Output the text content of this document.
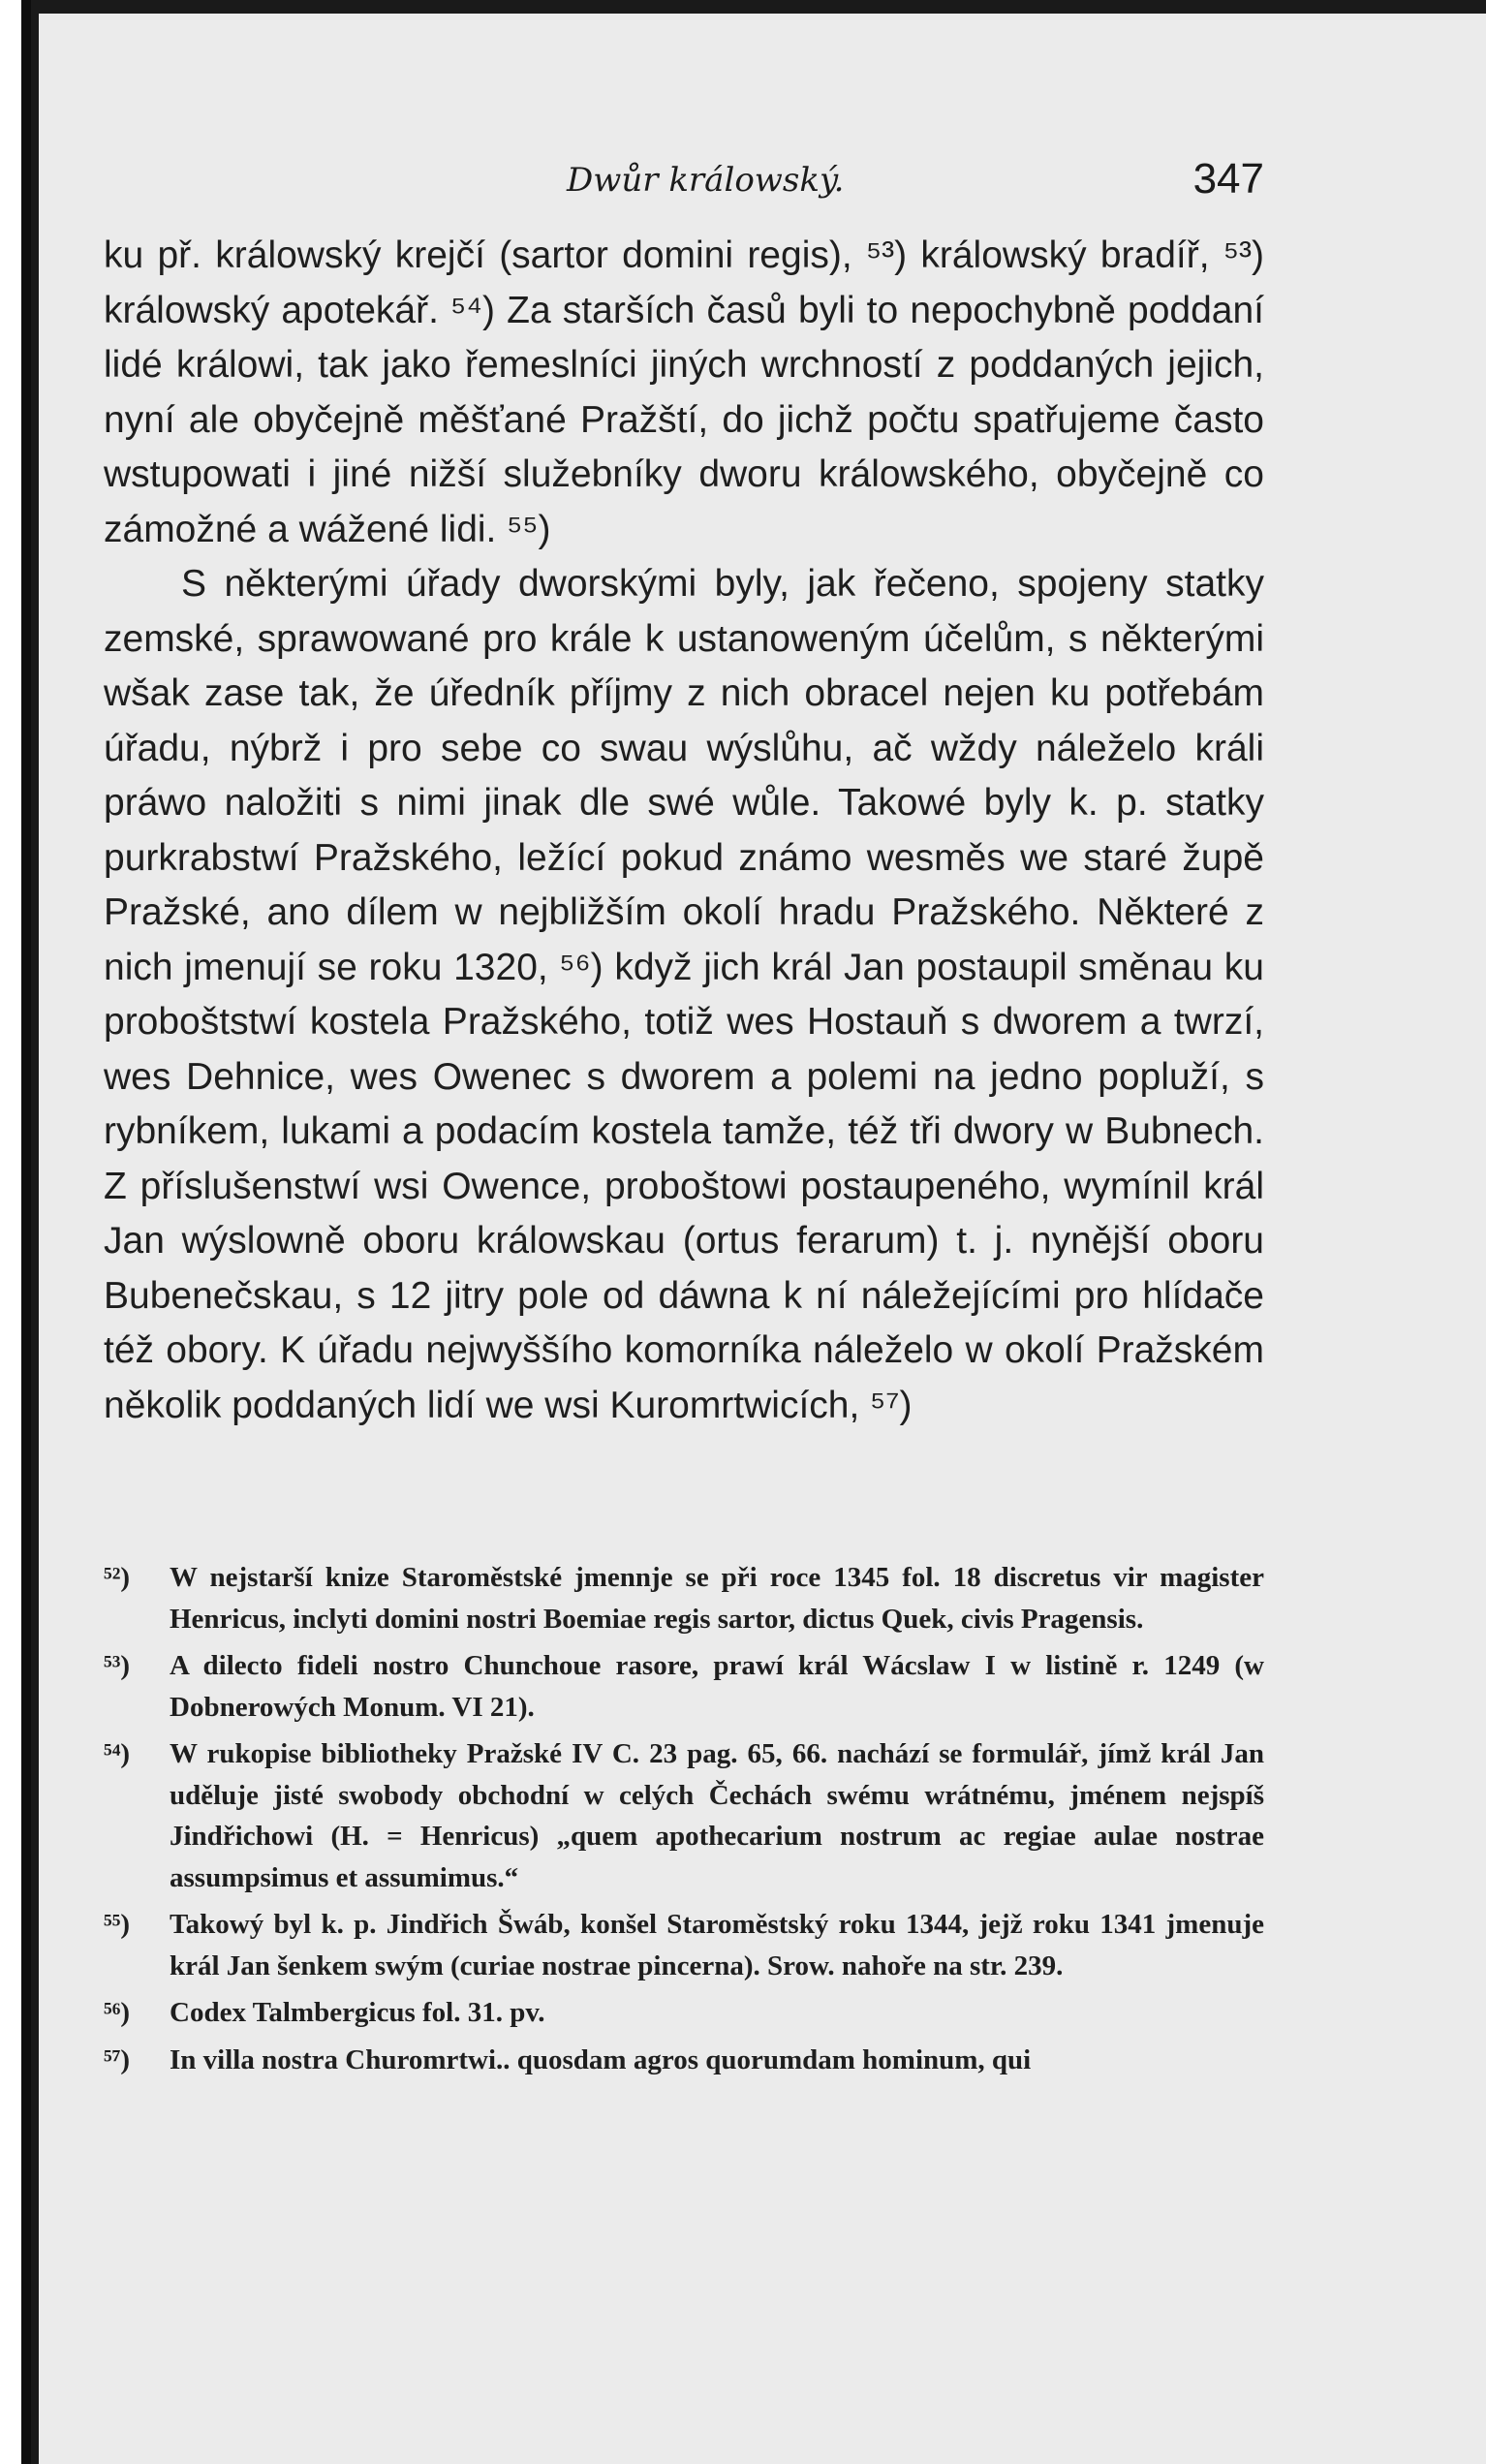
Dwůr králowský.	347

ku př. králowský krejčí (sartor domini regis), ⁵³) králowský bradíř, ⁵³) králowský apotekář. ⁵⁴) Za starších časů byli to nepochybně poddaní lidé králowi, tak jako řemeslníci jiných wrchností z poddaných jejich, nyní ale obyčejně měšťané Pražští, do jichž počtu spatřujeme často wstupowati i jiné nižší služebníky dworu králowského, obyčejně co zámožné a wážené lidi. ⁵⁵)

S některými úřady dworskými byly, jak řečeno, spojeny statky zemské, sprawowané pro krále k ustanoweným účelům, s některými wšak zase tak, že úředník příjmy z nich obracel nejen ku potřebám úřadu, nýbrž i pro sebe co swau wýslůhu, ač wždy náleželo králi práwo naložiti s nimi jinak dle swé wůle. Takowé byly k. p. statky purkrabstwí Pražského, ležící pokud známo wesměs we staré župě Pražské, ano dílem w nejbližším okolí hradu Pražského. Některé z nich jmenují se roku 1320, ⁵⁶) když jich král Jan postaupil směnau ku proboštstwí kostela Pražského, totiž wes Hostauň s dworem a twrzí, wes Dehnice, wes Owenec s dworem a polemi na jedno popluží, s rybníkem, lukami a podacím kostela tamže, též tři dwory w Bubnech. Z příslušenstwí wsi Owence, proboštowi postaupeného, wymínil král Jan wýslowně oboru králowskau (ortus ferarum) t. j. nynější oboru Bubenečskau, s 12 jitry pole od dáwna k ní náležejícími pro hlídače též obory. K úřadu nejwyššího komorníka náleželo w okolí Pražském několik poddaných lidí we wsi Kuromrtwicích, ⁵⁷)

⁵²)	W nejstarší knize Staroměstské jmennje se při roce 1345 fol. 18 discretus vir magister Henricus, inclyti domini nostri Boemiae regis sartor, dictus Quek, civis Pragensis.
⁵³)	A dilecto fideli nostro Chunchoue rasore, prawí král Wácslaw I w listině r. 1249 (w Dobnerowých Monum. VI 21).
⁵⁴)	W rukopise bibliotheky Pražské IV C. 23 pag. 65, 66. nachází se formulář, jímž král Jan uděluje jisté swobody obchodní w celých Čechách swému wrátnému, jménem nejspíš Jindřichowi (H. = Henricus) „quem apothecarium nostrum ac regiae aulae nostrae assumpsimus et assumimus.“
⁵⁵)	Takowý byl k. p. Jindřich Šwáb, konšel Staroměstský roku 1344, jejž roku 1341 jmenuje král Jan šenkem swým (curiae nostrae pincerna). Srow. nahoře na str. 239.
⁵⁶)	Codex Talmbergicus fol. 31. pv.
⁵⁷)	In villa nostra Churomrtwi.. quosdam agros quorumdam hominum, qui
